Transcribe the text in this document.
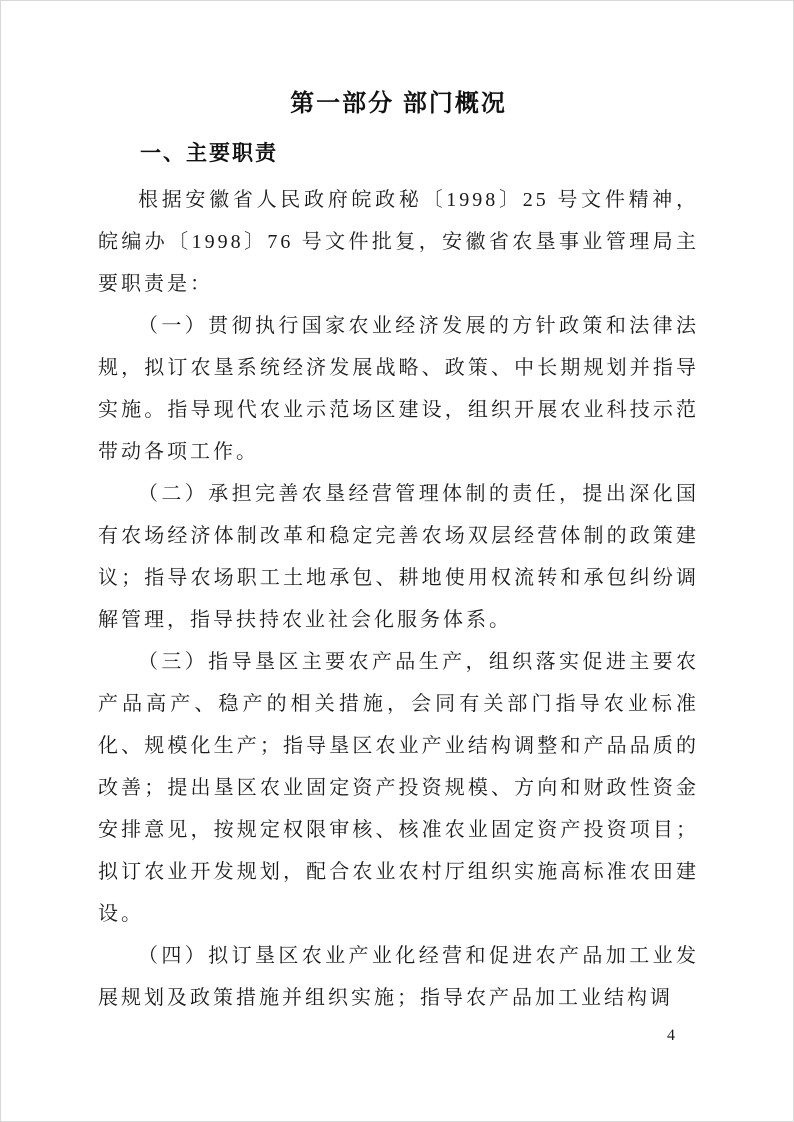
第一部分 部门概况
一、主要职责

根据安徽省人民政府皖政秘〔1998〕25 号文件精神，皖编办〔1998〕76 号文件批复，安徽省农垦事业管理局主要职责是：

（一）贯彻执行国家农业经济发展的方针政策和法律法规，拟订农垦系统经济发展战略、政策、中长期规划并指导实施。指导现代农业示范场区建设，组织开展农业科技示范带动各项工作。

（二）承担完善农垦经营管理体制的责任，提出深化国有农场经济体制改革和稳定完善农场双层经营体制的政策建议；指导农场职工土地承包、耕地使用权流转和承包纠纷调解管理，指导扶持农业社会化服务体系。

（三）指导垦区主要农产品生产，组织落实促进主要农产品高产、稳产的相关措施，会同有关部门指导农业标准化、规模化生产；指导垦区农业产业结构调整和产品品质的改善；提出垦区农业固定资产投资规模、方向和财政性资金安排意见，按规定权限审核、核准农业固定资产投资项目；拟订农业开发规划，配合农业农村厅组织实施高标准农田建设。

（四）拟订垦区农业产业化经营和促进农产品加工业发展规划及政策措施并组织实施；指导农产品加工业结构调

4
